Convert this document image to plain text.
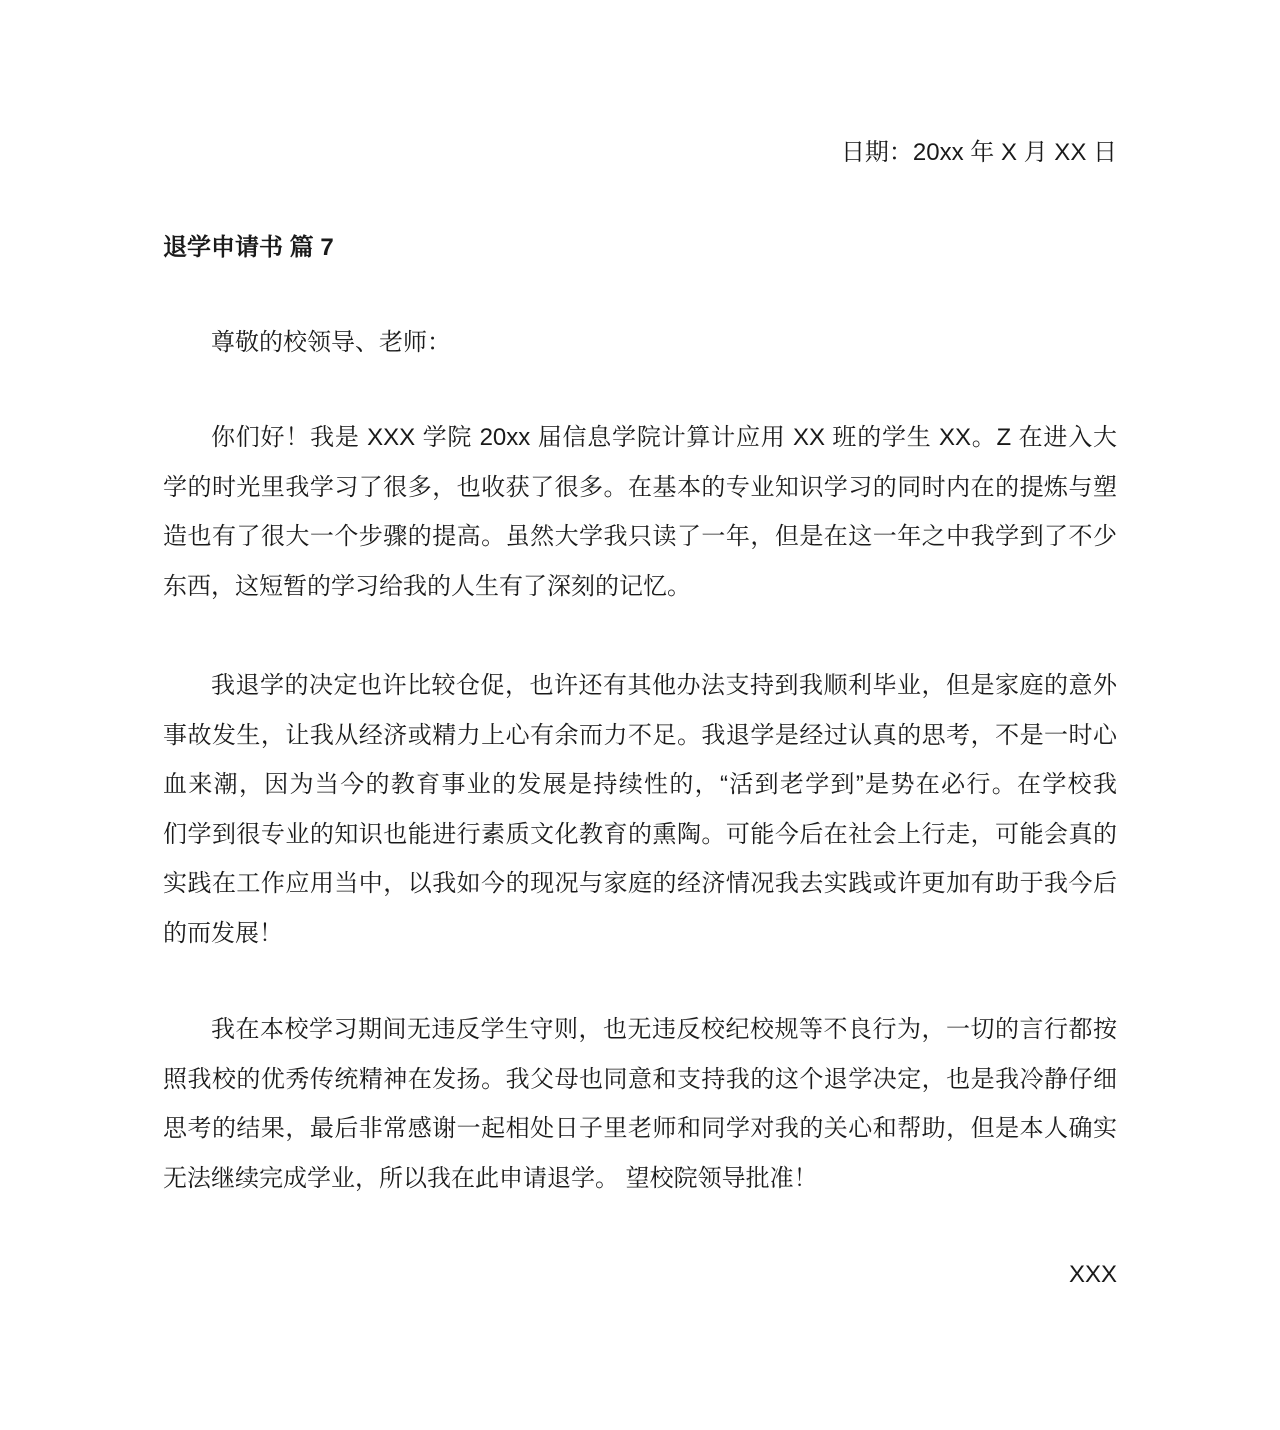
日期：20xx 年 X 月 XX 日
退学申请书 篇 7
尊敬的校领导、老师：
你们好！我是 XXX 学院 20xx 届信息学院计算计应用 XX 班的学生 XX。Z 在进入大
学的时光里我学习了很多，也收获了很多。在基本的专业知识学习的同时内在的提炼与塑
造也有了很大一个步骤的提高。虽然大学我只读了一年，但是在这一年之中我学到了不少
东西，这短暂的学习给我的人生有了深刻的记忆。
我退学的决定也许比较仓促，也许还有其他办法支持到我顺利毕业，但是家庭的意外
事故发生，让我从经济或精力上心有余而力不足。我退学是经过认真的思考，不是一时心
血来潮，因为当今的教育事业的发展是持续性的，“活到老学到”是势在必行。在学校我
们学到很专业的知识也能进行素质文化教育的熏陶。可能今后在社会上行走，可能会真的
实践在工作应用当中，以我如今的现况与家庭的经济情况我去实践或许更加有助于我今后
的而发展！
我在本校学习期间无违反学生守则，也无违反校纪校规等不良行为，一切的言行都按
照我校的优秀传统精神在发扬。我父母也同意和支持我的这个退学决定，也是我冷静仔细
思考的结果，最后非常感谢一起相处日子里老师和同学对我的关心和帮助，但是本人确实
无法继续完成学业，所以我在此申请退学。 望校院领导批准！
XXX
